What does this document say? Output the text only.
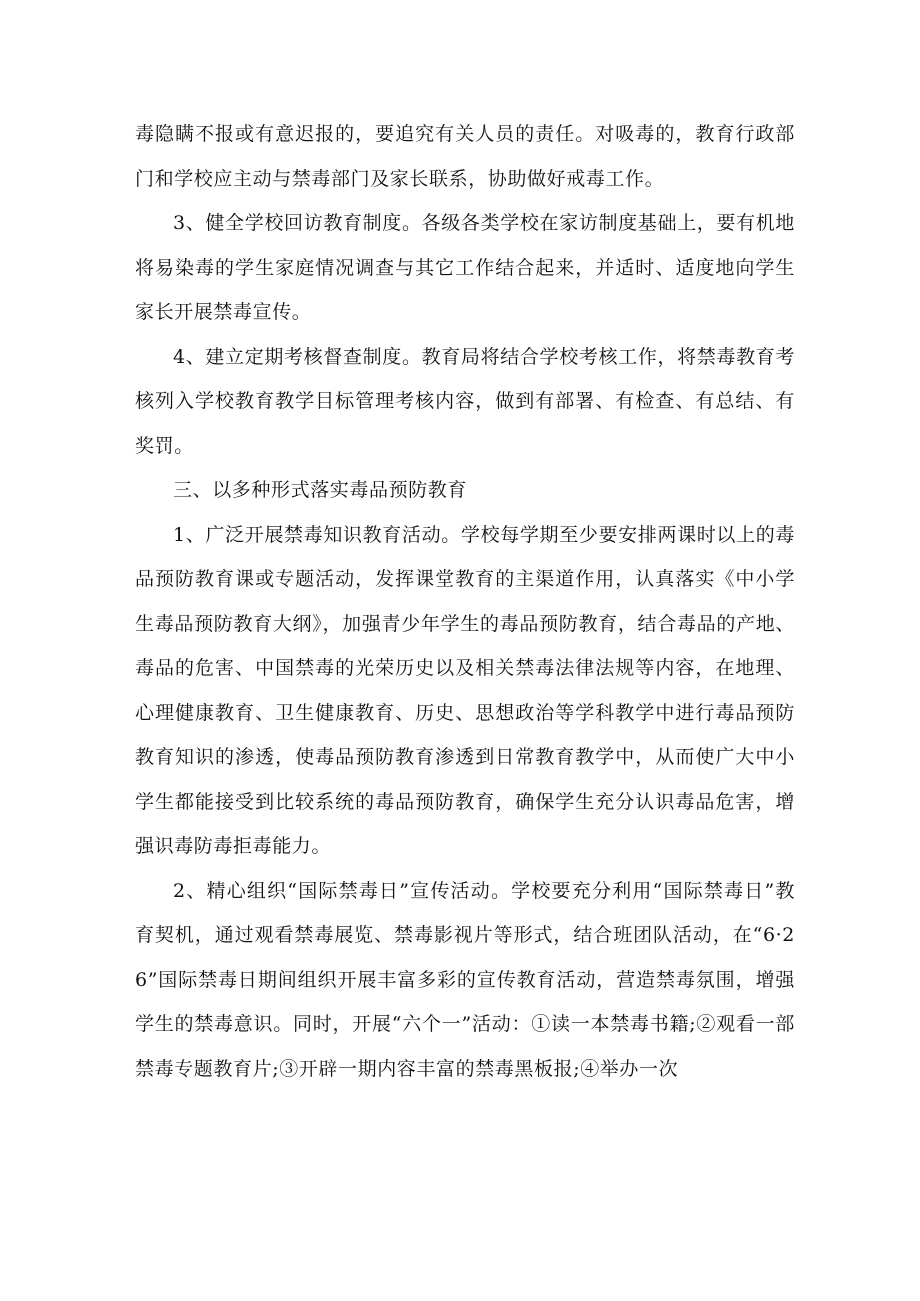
毒隐瞒不报或有意迟报的，要追究有关人员的责任。对吸毒的，教育行政部门和学校应主动与禁毒部门及家长联系，协助做好戒毒工作。

3、健全学校回访教育制度。各级各类学校在家访制度基础上，要有机地将易染毒的学生家庭情况调查与其它工作结合起来，并适时、适度地向学生家长开展禁毒宣传。

4、建立定期考核督查制度。教育局将结合学校考核工作，将禁毒教育考核列入学校教育教学目标管理考核内容，做到有部署、有检查、有总结、有奖罚。

三、以多种形式落实毒品预防教育

1、广泛开展禁毒知识教育活动。学校每学期至少要安排两课时以上的毒品预防教育课或专题活动，发挥课堂教育的主渠道作用，认真落实《中小学生毒品预防教育大纲》，加强青少年学生的毒品预防教育，结合毒品的产地、毒品的危害、中国禁毒的光荣历史以及相关禁毒法律法规等内容，在地理、心理健康教育、卫生健康教育、历史、思想政治等学科教学中进行毒品预防教育知识的渗透，使毒品预防教育渗透到日常教育教学中，从而使广大中小学生都能接受到比较系统的毒品预防教育，确保学生充分认识毒品危害，增强识毒防毒拒毒能力。

2、精心组织“国际禁毒日”宣传活动。学校要充分利用“国际禁毒日”教育契机，通过观看禁毒展览、禁毒影视片等形式，结合班团队活动，在“6·26”国际禁毒日期间组织开展丰富多彩的宣传教育活动，营造禁毒氛围，增强学生的禁毒意识。同时，开展“六个一”活动：①读一本禁毒书籍;②观看一部禁毒专题教育片;③开辟一期内容丰富的禁毒黑板报;④举办一次
